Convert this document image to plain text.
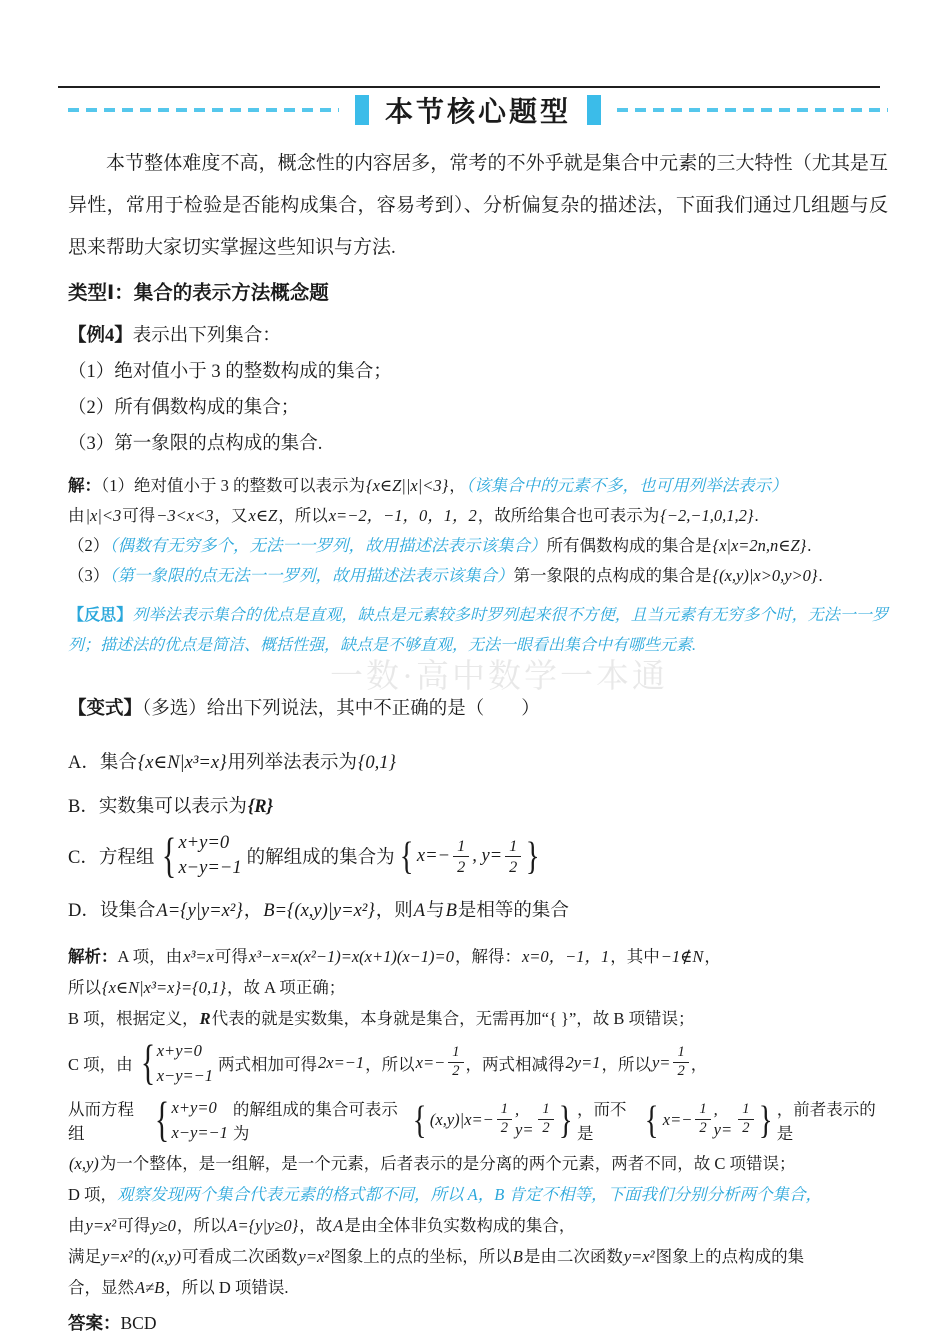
一数·高中数学一本通
本节核心题型

本节整体难度不高，概念性的内容居多，常考的不外乎就是集合中元素的三大特性（尤其是互异性，常用于检验是否能构成集合，容易考到）、分析偏复杂的描述法，下面我们通过几组题与反思来帮助大家切实掌握这些知识与方法.

类型Ⅰ：集合的表示方法概念题

【例4】表示出下列集合：

（1）绝对值小于 3 的整数构成的集合；

（2）所有偶数构成的集合；

（3）第一象限的点构成的集合.

解：（1）绝对值小于 3 的整数可以表示为{x∈Z||x|<3}，（该集合中的元素不多，也可用列举法表示）

由|x|<3可得−3<x<3，又x∈Z，所以x=−2，−1，0，1，2，故所给集合也可表示为{−2,−1,0,1,2}.

（2）（偶数有无穷多个，无法一一罗列，故用描述法表示该集合）所有偶数构成的集合是{x|x=2n,n∈Z}.

（3）（第一象限的点无法一一罗列，故用描述法表示该集合）第一象限的点构成的集合是{(x,y)|x>0,y>0}.

【反思】列举法表示集合的优点是直观，缺点是元素较多时罗列起来很不方便，且当元素有无穷多个时，无法一一罗列；描述法的优点是简洁、概括性强，缺点是不够直观，无法一眼看出集合中有哪些元素.

【变式】（多选）给出下列说法，其中不正确的是（　　）

A．集合{x∈N|x³=x}用列举法表示为{0,1}

B．实数集可以表示为{R}

C． 方程组 { x+y=0
x−y=−1 的解组成的集合为 { $x=- \frac{1}{2}$ , $y= \frac{1}{2}$ }

D．设集合A={y|y=x²}，B={(x,y)|y=x²}，则A与B是相等的集合

解析：A 项，由x³=x可得x³−x=x(x²−1)=x(x+1)(x−1)=0，解得：x=0，−1，1，其中−1∉N，

所以{x∈N|x³=x}={0,1}，故 A 项正确；

B 项，根据定义，R代表的就是实数集，本身就是集合，无需再加“{ }”，故 B 项错误；

C 项，由 { x+y=0
x−y=−1
两式相加可得 2x=−1 ，所以 $x=- \frac{1}{2}$ ，两式相减得 2y=1 ，所以 $y= \frac{1}{2}$ ，
从而方程组	{ x+y=0
x−y=−1
的解组成的集合可表示为	{ $(x,y)|x=- \frac{1}{2}$ , $y= \frac{1}{2}$ } ，而不是	{ $x=- \frac{1}{2}$ , $y= \frac{1}{2}$ } ，前者表示的是

(x,y)为一个整体，是一组解，是一个元素，后者表示的是分离的两个元素，两者不同，故 C 项错误；

D 项，观察发现两个集合代表元素的格式都不同，所以 A，B 肯定不相等，下面我们分别分析两个集合，

由y=x²可得y≥0，所以A={y|y≥0}，故A是由全体非负实数构成的集合，

满足y=x²的(x,y)可看成二次函数y=x²图象上的点的坐标，所以B是由二次函数y=x²图象上的点构成的集

合，显然A≠B，所以 D 项错误.

答案：BCD
